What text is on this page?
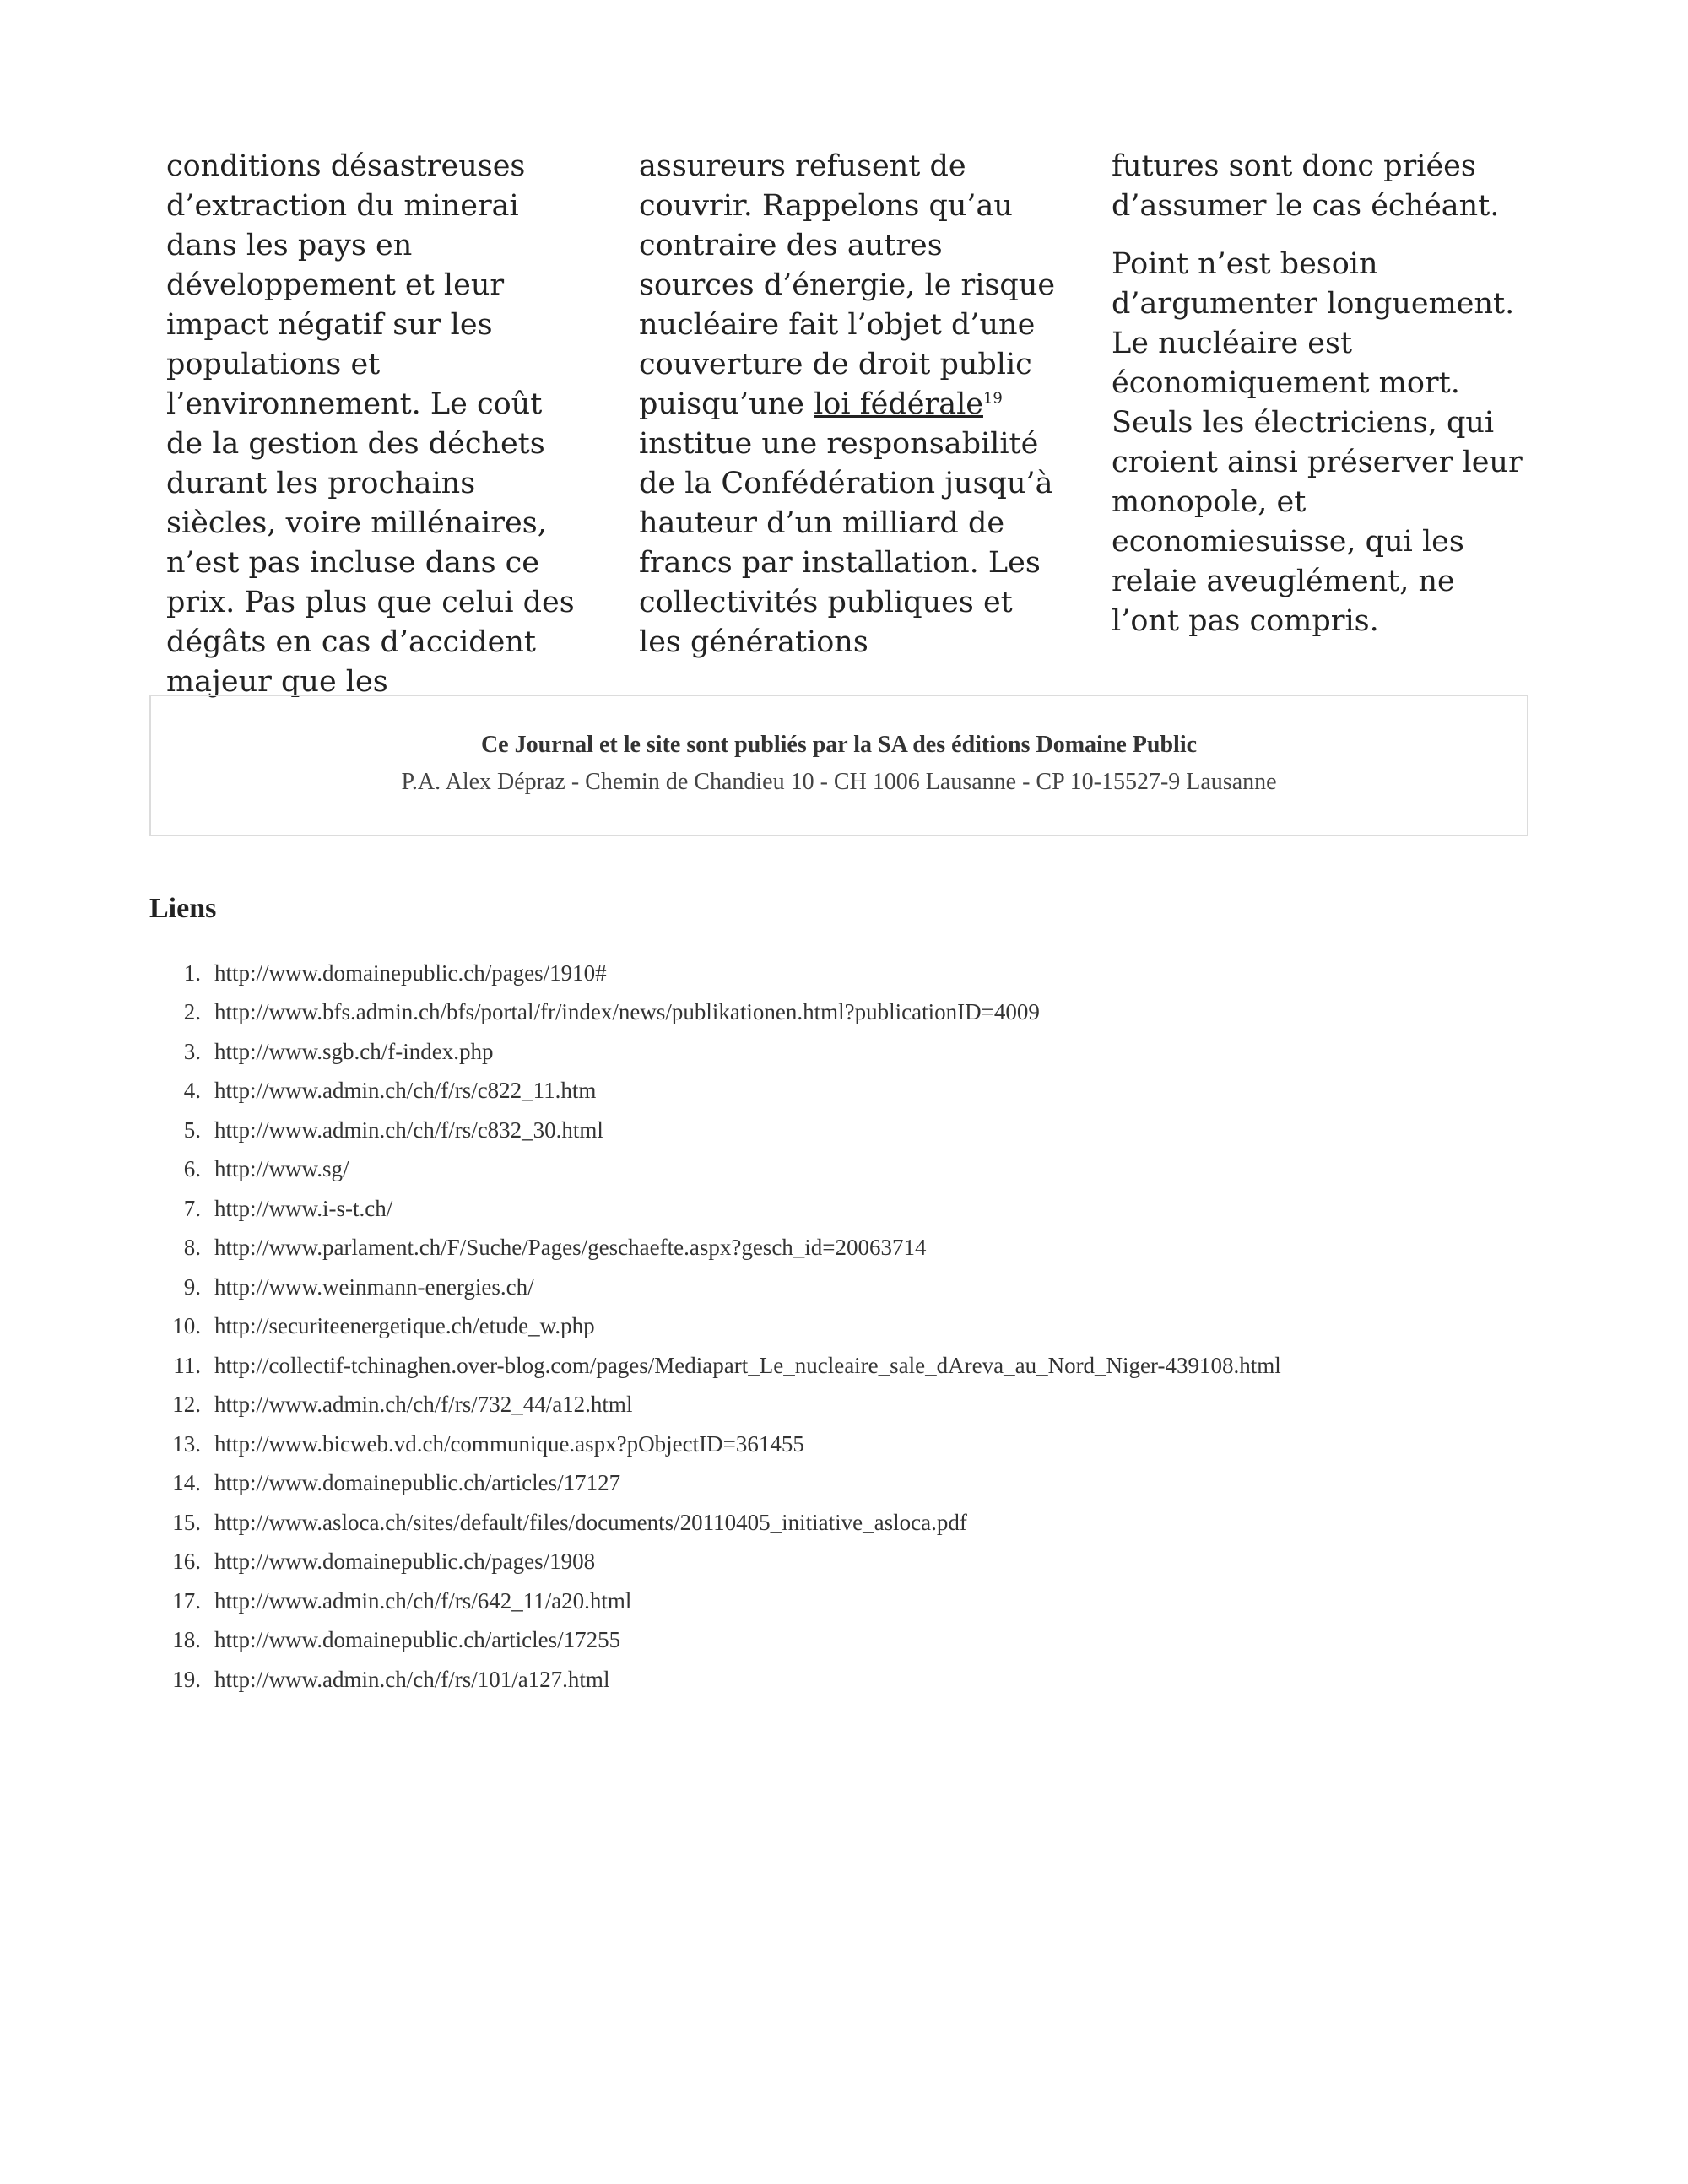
conditions désastreuses d’extraction du minerai dans les pays en développement et leur impact négatif sur les populations et l’environnement. Le coût de la gestion des déchets durant les prochains siècles, voire millénaires, n’est pas incluse dans ce prix. Pas plus que celui des dégâts en cas d’accident majeur que les

assureurs refusent de couvrir. Rappelons qu’au contraire des autres sources d’énergie, le risque nucléaire fait l’objet d’une couverture de droit public puisqu’une loi fédérale$^{19}$ institue une responsabilité de la Confédération jusqu’à hauteur d’un milliard de francs par installation. Les collectivités publiques et les générations

futures sont donc priées d’assumer le cas échéant.

Point n’est besoin d’argumenter longuement. Le nucléaire est économiquement mort. Seuls les électriciens, qui croient ainsi préserver leur monopole, et economiesuisse, qui les relaie aveuglément, ne l’ont pas compris.

Ce Journal et le site sont publiés par la SA des éditions Domaine Public
P.A. Alex Dépraz - Chemin de Chandieu 10 - CH 1006 Lausanne - CP 10-15527-9 Lausanne
Liens
1. http://www.domainepublic.ch/pages/1910#
2. http://www.bfs.admin.ch/bfs/portal/fr/index/news/publikationen.html?publicationID=4009
3. http://www.sgb.ch/f-index.php
4. http://www.admin.ch/ch/f/rs/c822_11.htm
5. http://www.admin.ch/ch/f/rs/c832_30.html
6. http://www.sg/
7. http://www.i-s-t.ch/
8. http://www.parlament.ch/F/Suche/Pages/geschaefte.aspx?gesch_id=20063714
9. http://www.weinmann-energies.ch/
10. http://securiteenergetique.ch/etude_w.php
11. http://collectif-tchinaghen.over-blog.com/pages/Mediapart_Le_nucleaire_sale_dAreva_au_Nord_Niger-439108.html
12. http://www.admin.ch/ch/f/rs/732_44/a12.html
13. http://www.bicweb.vd.ch/communique.aspx?pObjectID=361455
14. http://www.domainepublic.ch/articles/17127
15. http://www.asloca.ch/sites/default/files/documents/20110405_initiative_asloca.pdf
16. http://www.domainepublic.ch/pages/1908
17. http://www.admin.ch/ch/f/rs/642_11/a20.html
18. http://www.domainepublic.ch/articles/17255
19. http://www.admin.ch/ch/f/rs/101/a127.html
